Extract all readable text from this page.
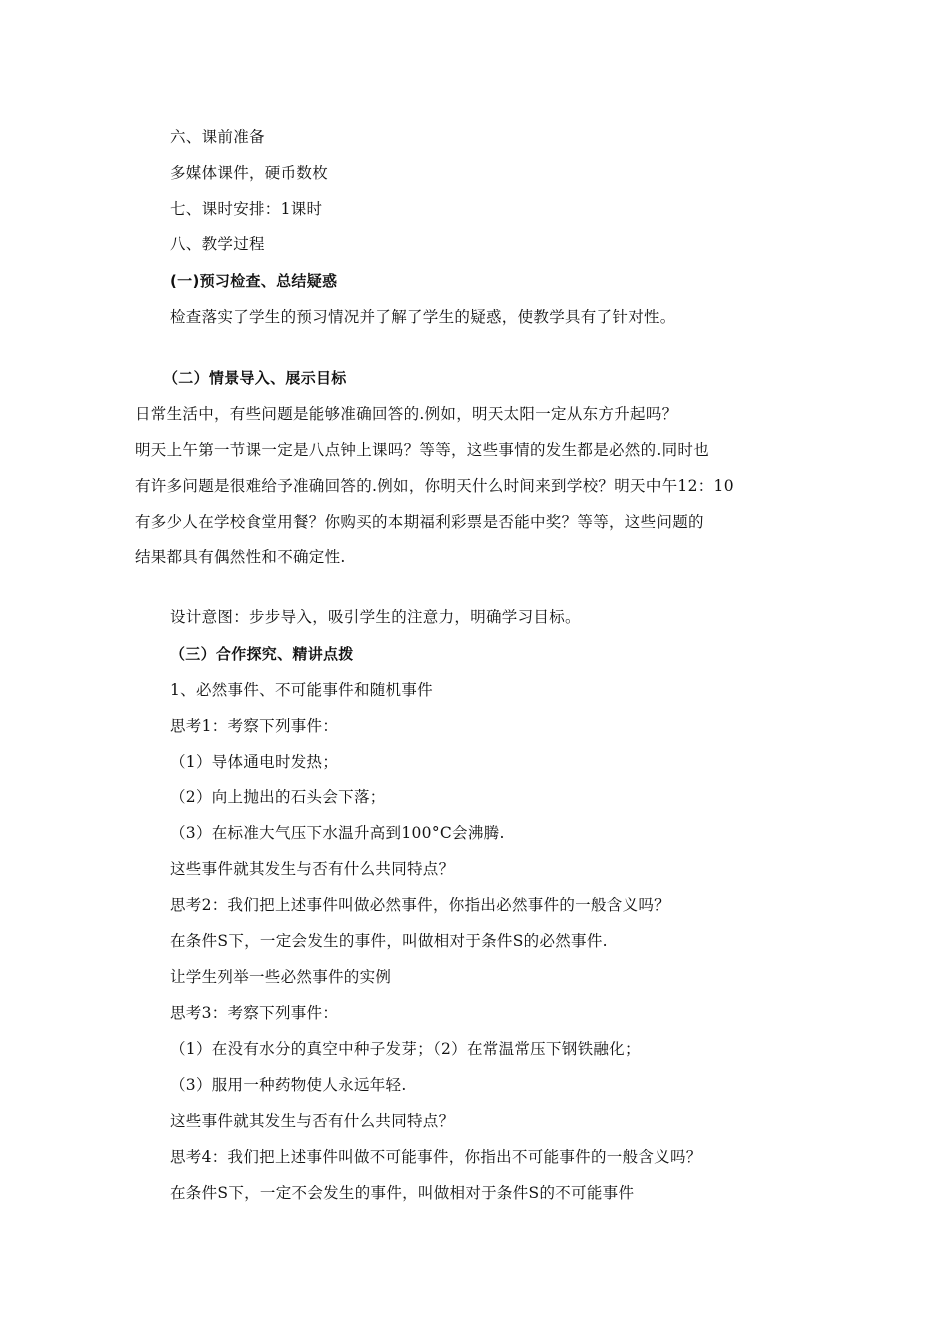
六、课前准备
多媒体课件，硬币数枚
七、课时安排：1课时
八、教学过程
(一)预习检查、总结疑惑
检查落实了学生的预习情况并了解了学生的疑惑，使教学具有了针对性。
（二）情景导入、展示目标
日常生活中，有些问题是能够准确回答的.例如，明天太阳一定从东方升起吗？
明天上午第一节课一定是八点钟上课吗？等等，这些事情的发生都是必然的.同时也
有许多问题是很难给予准确回答的.例如，你明天什么时间来到学校？明天中午12：10
有多少人在学校食堂用餐？你购买的本期福利彩票是否能中奖？等等，这些问题的
结果都具有偶然性和不确定性.
设计意图：步步导入，吸引学生的注意力，明确学习目标。
（三）合作探究、精讲点拨
1、必然事件、不可能事件和随机事件
思考1：考察下列事件：
（1）导体通电时发热；
（2）向上抛出的石头会下落；
（3）在标准大气压下水温升高到100°C会沸腾.
这些事件就其发生与否有什么共同特点？
思考2：我们把上述事件叫做必然事件，你指出必然事件的一般含义吗？
在条件S下，一定会发生的事件，叫做相对于条件S的必然事件.
让学生列举一些必然事件的实例
思考3：考察下列事件：
（1）在没有水分的真空中种子发芽；（2）在常温常压下钢铁融化；
（3）服用一种药物使人永远年轻.
这些事件就其发生与否有什么共同特点？
思考4：我们把上述事件叫做不可能事件，你指出不可能事件的一般含义吗？
在条件S下，一定不会发生的事件，叫做相对于条件S的不可能事件
